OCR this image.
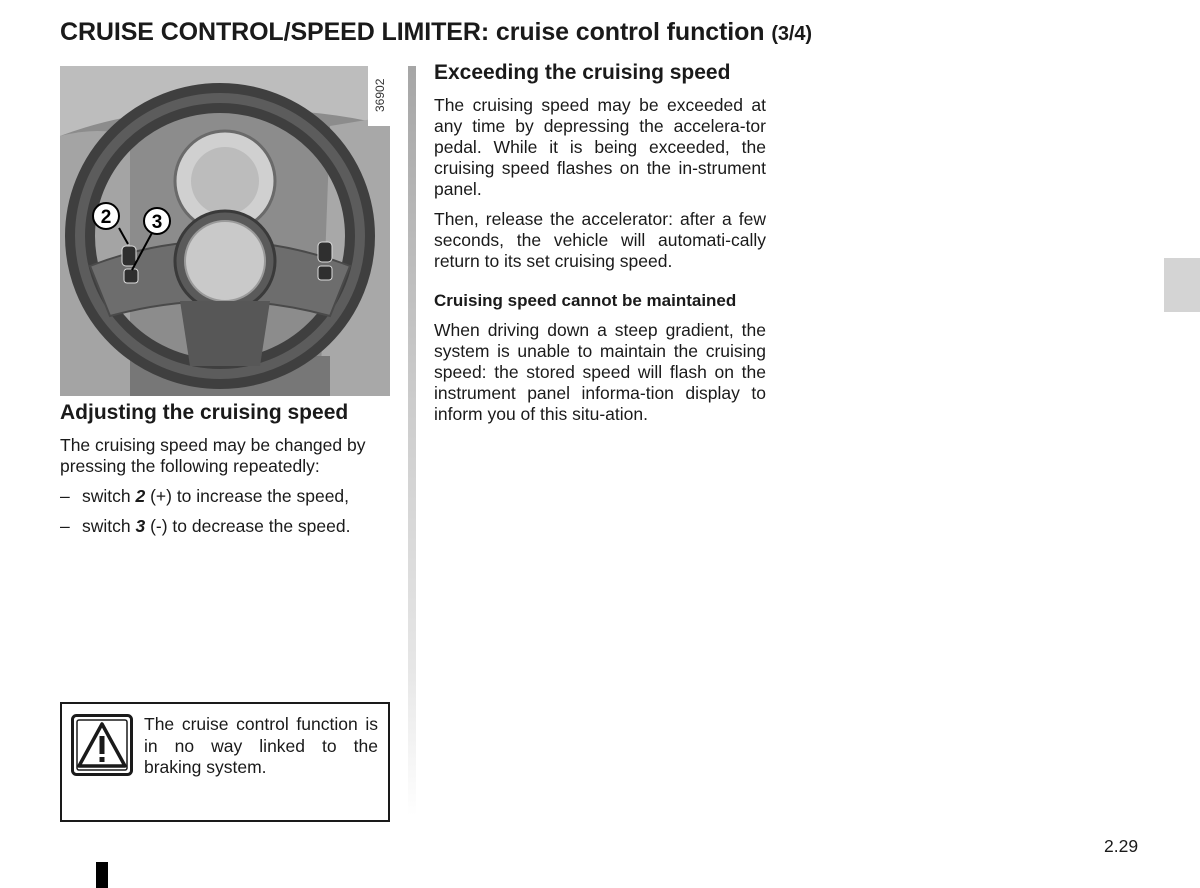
CRUISE CONTROL/SPEED LIMITER: cruise control function (3/4)
2 3
36902
Adjusting the cruising speed

The cruising speed may be changed by pressing the following repeatedly:

– switch 2 (+) to increase the speed,
– switch 3 (-) to decrease the speed.
Exceeding the cruising speed

The cruising speed may be exceeded at any time by depressing the accelera-tor pedal. While it is being exceeded, the cruising speed flashes on the in-strument panel.

Then, release the accelerator: after a few seconds, the vehicle will automati-cally return to its set cruising speed.

Cruising speed cannot be maintained

When driving down a steep gradient, the system is unable to maintain the cruising speed: the stored speed will flash on the instrument panel informa-tion display to inform you of this situ-ation.

The cruise control function is in no way linked to the braking system.
2.29
